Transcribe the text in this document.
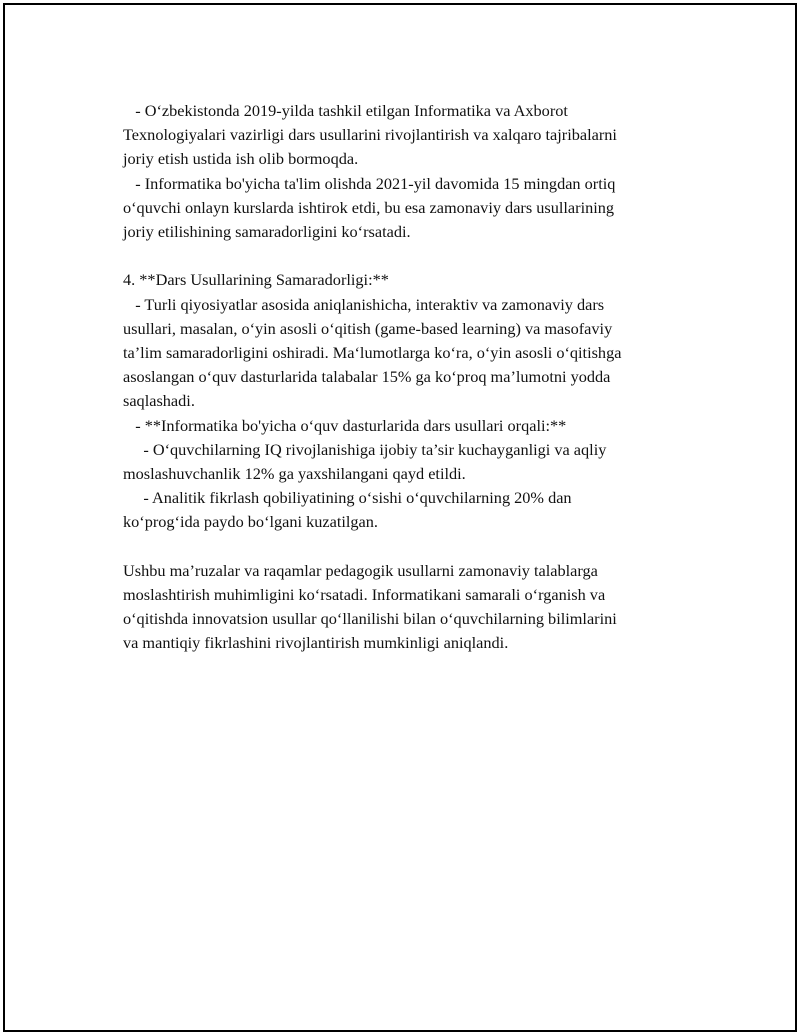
- O‘zbekistonda 2019-yilda tashkil etilgan Informatika va Axborot
Texnologiyalari vazirligi dars usullarini rivojlantirish va xalqaro tajribalarni
joriy etish ustida ish olib bormoqda.
- Informatika bo'yicha ta'lim olishda 2021-yil davomida 15 mingdan ortiq
o‘quvchi onlayn kurslarda ishtirok etdi, bu esa zamonaviy dars usullarining
joriy etilishining samaradorligini ko‘rsatadi.
4. **Dars Usullarining Samaradorligi:**
- Turli qiyosiyatlar asosida aniqlanishicha, interaktiv va zamonaviy dars
usullari, masalan, o‘yin asosli o‘qitish (game-based learning) va masofaviy
ta’lim samaradorligini oshiradi. Ma‘lumotlarga ko‘ra, o‘yin asosli o‘qitishga
asoslangan o‘quv dasturlarida talabalar 15% ga ko‘proq ma’lumotni yodda
saqlashadi.
- **Informatika bo'yicha o‘quv dasturlarida dars usullari orqali:**
- O‘quvchilarning IQ rivojlanishiga ijobiy ta’sir kuchayganligi va aqliy
moslashuvchanlik 12% ga yaxshilangani qayd etildi.
- Analitik fikrlash qobiliyatining o‘sishi o‘quvchilarning 20% dan
ko‘prog‘ida paydo bo‘lgani kuzatilgan.
Ushbu ma’ruzalar va raqamlar pedagogik usullarni zamonaviy talablarga
moslashtirish muhimligini ko‘rsatadi. Informatikani samarali o‘rganish va
o‘qitishda innovatsion usullar qo‘llanilishi bilan o‘quvchilarning bilimlarini
va mantiqiy fikrlashini rivojlantirish mumkinligi aniqlandi.
